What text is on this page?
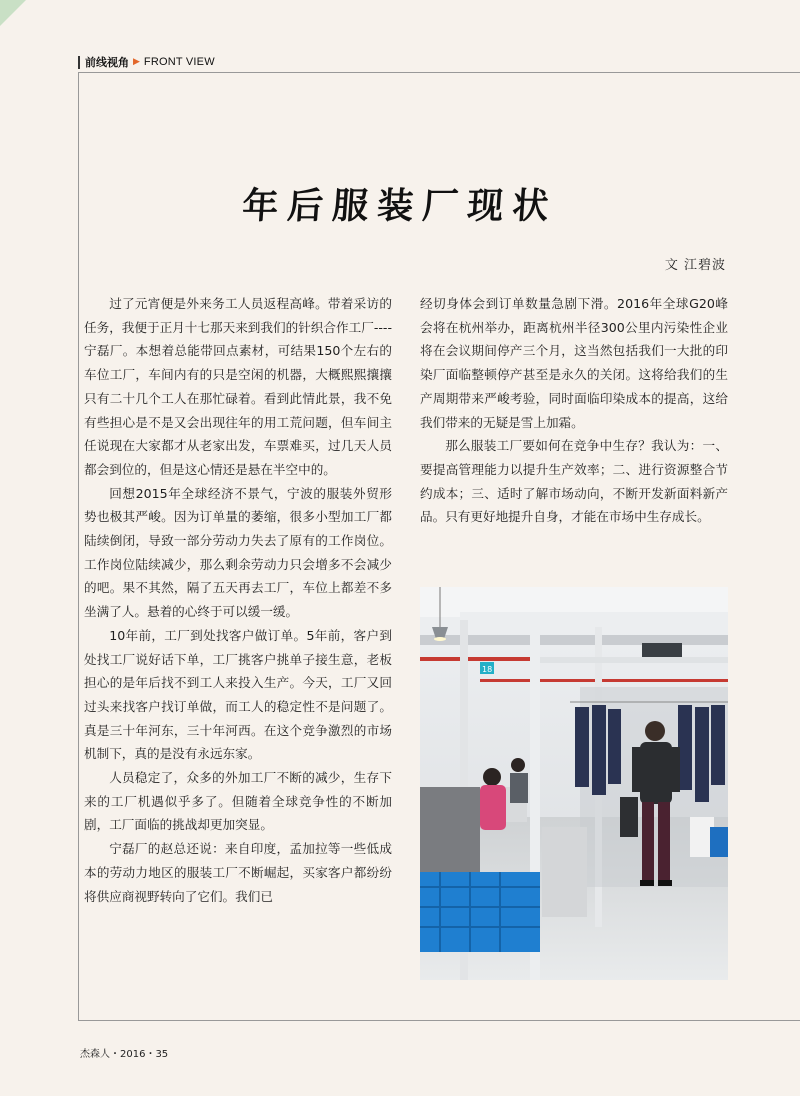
前线视角 ▶ FRONT VIEW
年后服装厂现状
文 江碧波

过了元宵便是外来务工人员返程高峰。带着采访的任务，我便于正月十七那天来到我们的针织合作工厂----宁磊厂。本想着总能带回点素材，可结果150个左右的车位工厂，车间内有的只是空闲的机器，大概熙熙攘攘只有二十几个工人在那忙碌着。看到此情此景，我不免有些担心是不是又会出现往年的用工荒问题，但车间主任说现在大家都才从老家出发，车票难买，过几天人员都会到位的，但是这心情还是悬在半空中的。

回想2015年全球经济不景气，宁波的服装外贸形势也极其严峻。因为订单量的萎缩，很多小型加工厂都陆续倒闭，导致一部分劳动力失去了原有的工作岗位。工作岗位陆续减少，那么剩余劳动力只会增多不会减少的吧。果不其然，隔了五天再去工厂，车位上都差不多坐满了人。悬着的心终于可以缓一缓。

10年前，工厂到处找客户做订单。5年前，客户到处找工厂说好话下单，工厂挑客户挑单子接生意，老板担心的是年后找不到工人来投入生产。今天，工厂又回过头来找客户找订单做，而工人的稳定性不是问题了。真是三十年河东，三十年河西。在这个竞争激烈的市场机制下，真的是没有永远东家。

人员稳定了，众多的外加工厂不断的减少，生存下来的工厂机遇似乎多了。但随着全球竞争性的不断加剧，工厂面临的挑战却更加突显。

宁磊厂的赵总还说：来自印度，孟加拉等一些低成本的劳动力地区的服装工厂不断崛起，买家客户都纷纷将供应商视野转向了它们。我们已

经切身体会到订单数量急剧下滑。2016年全球G20峰会将在杭州举办，距离杭州半径300公里内污染性企业将在会议期间停产三个月，这当然包括我们一大批的印染厂面临整顿停产甚至是永久的关闭。这将给我们的生产周期带来严峻考验，同时面临印染成本的提高，这给我们带来的无疑是雪上加霜。

那么服装工厂要如何在竞争中生存？我认为：一、要提高管理能力以提升生产效率；二、进行资源整合节约成本；三、适时了解市场动向，不断开发新面料新产品。只有更好地提升自身，才能在市场中生存成长。

18
杰森人・2016・35
